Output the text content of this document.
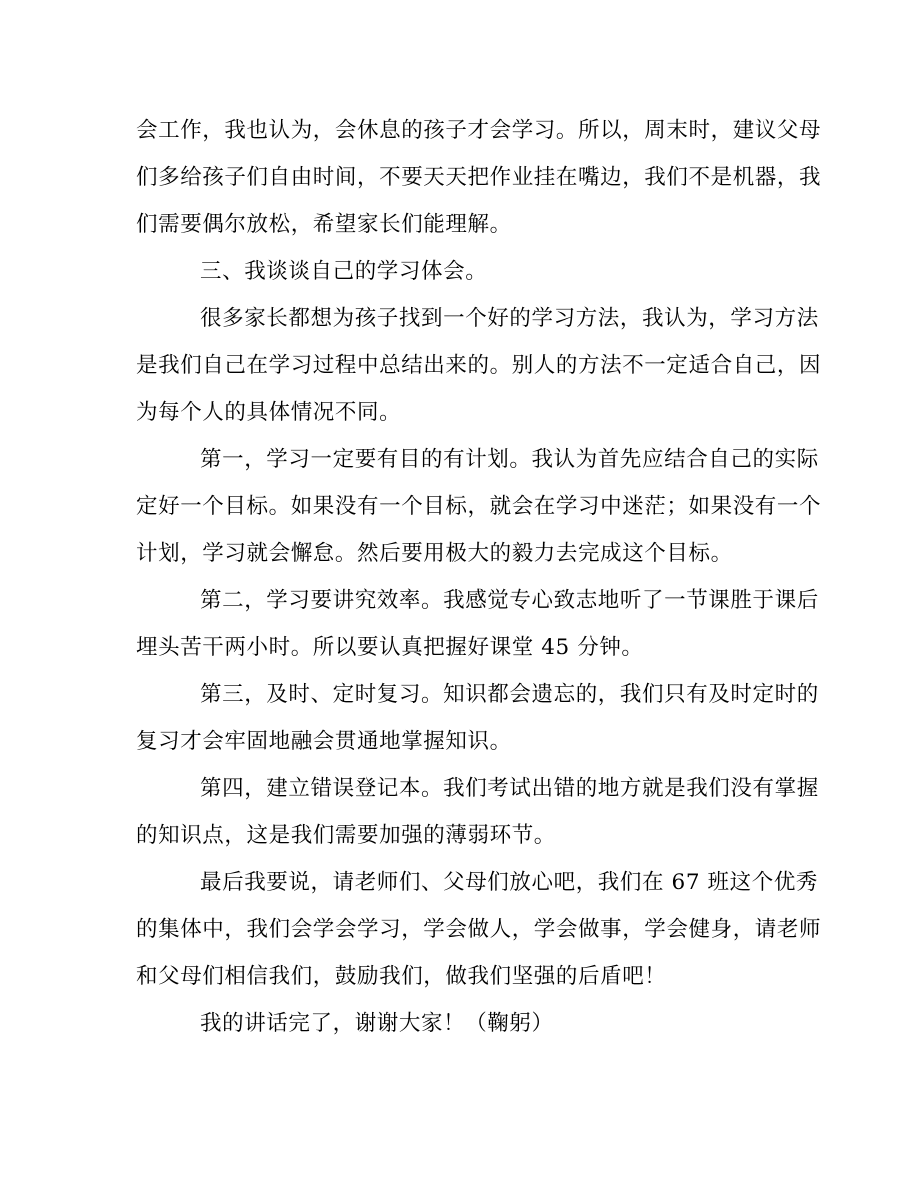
会工作，我也认为，会休息的孩子才会学习。所以，周末时，建议父母
们多给孩子们自由时间，不要天天把作业挂在嘴边，我们不是机器，我
们需要偶尔放松，希望家长们能理解。
三、我谈谈自己的学习体会。
很多家长都想为孩子找到一个好的学习方法，我认为，学习方法
是我们自己在学习过程中总结出来的。别人的方法不一定适合自己，因
为每个人的具体情况不同。
第一，学习一定要有目的有计划。我认为首先应结合自己的实际
定好一个目标。如果没有一个目标，就会在学习中迷茫；如果没有一个
计划，学习就会懈怠。然后要用极大的毅力去完成这个目标。
第二，学习要讲究效率。我感觉专心致志地听了一节课胜于课后
埋头苦干两小时。所以要认真把握好课堂 45 分钟。
第三，及时、定时复习。知识都会遗忘的，我们只有及时定时的
复习才会牢固地融会贯通地掌握知识。
第四，建立错误登记本。我们考试出错的地方就是我们没有掌握
的知识点，这是我们需要加强的薄弱环节。
最后我要说，请老师们、父母们放心吧，我们在 67 班这个优秀
的集体中，我们会学会学习，学会做人，学会做事，学会健身，请老师
和父母们相信我们，鼓励我们，做我们坚强的后盾吧！
我的讲话完了，谢谢大家！（鞠躬）
